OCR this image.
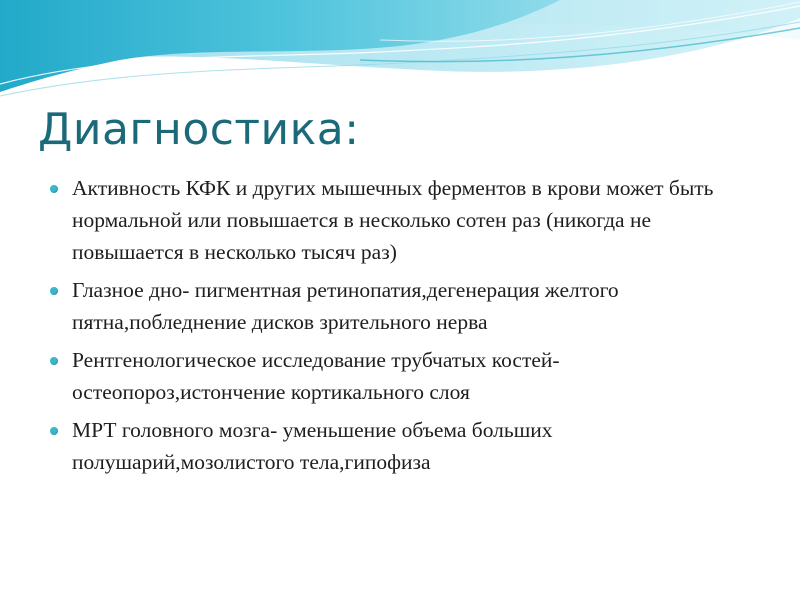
Диагностика:
Активность КФК и других мышечных ферментов в крови может быть нормальной или повышается в несколько сотен раз (никогда не повышается в несколько тысяч раз)
Глазное дно- пигментная ретинопатия,дегенерация желтого пятна,побледнение дисков зрительного нерва
Рентгенологическое исследование трубчатых костей- остеопороз,истончение кортикального слоя
МРТ головного мозга- уменьшение объема больших полушарий,мозолистого тела,гипофиза
